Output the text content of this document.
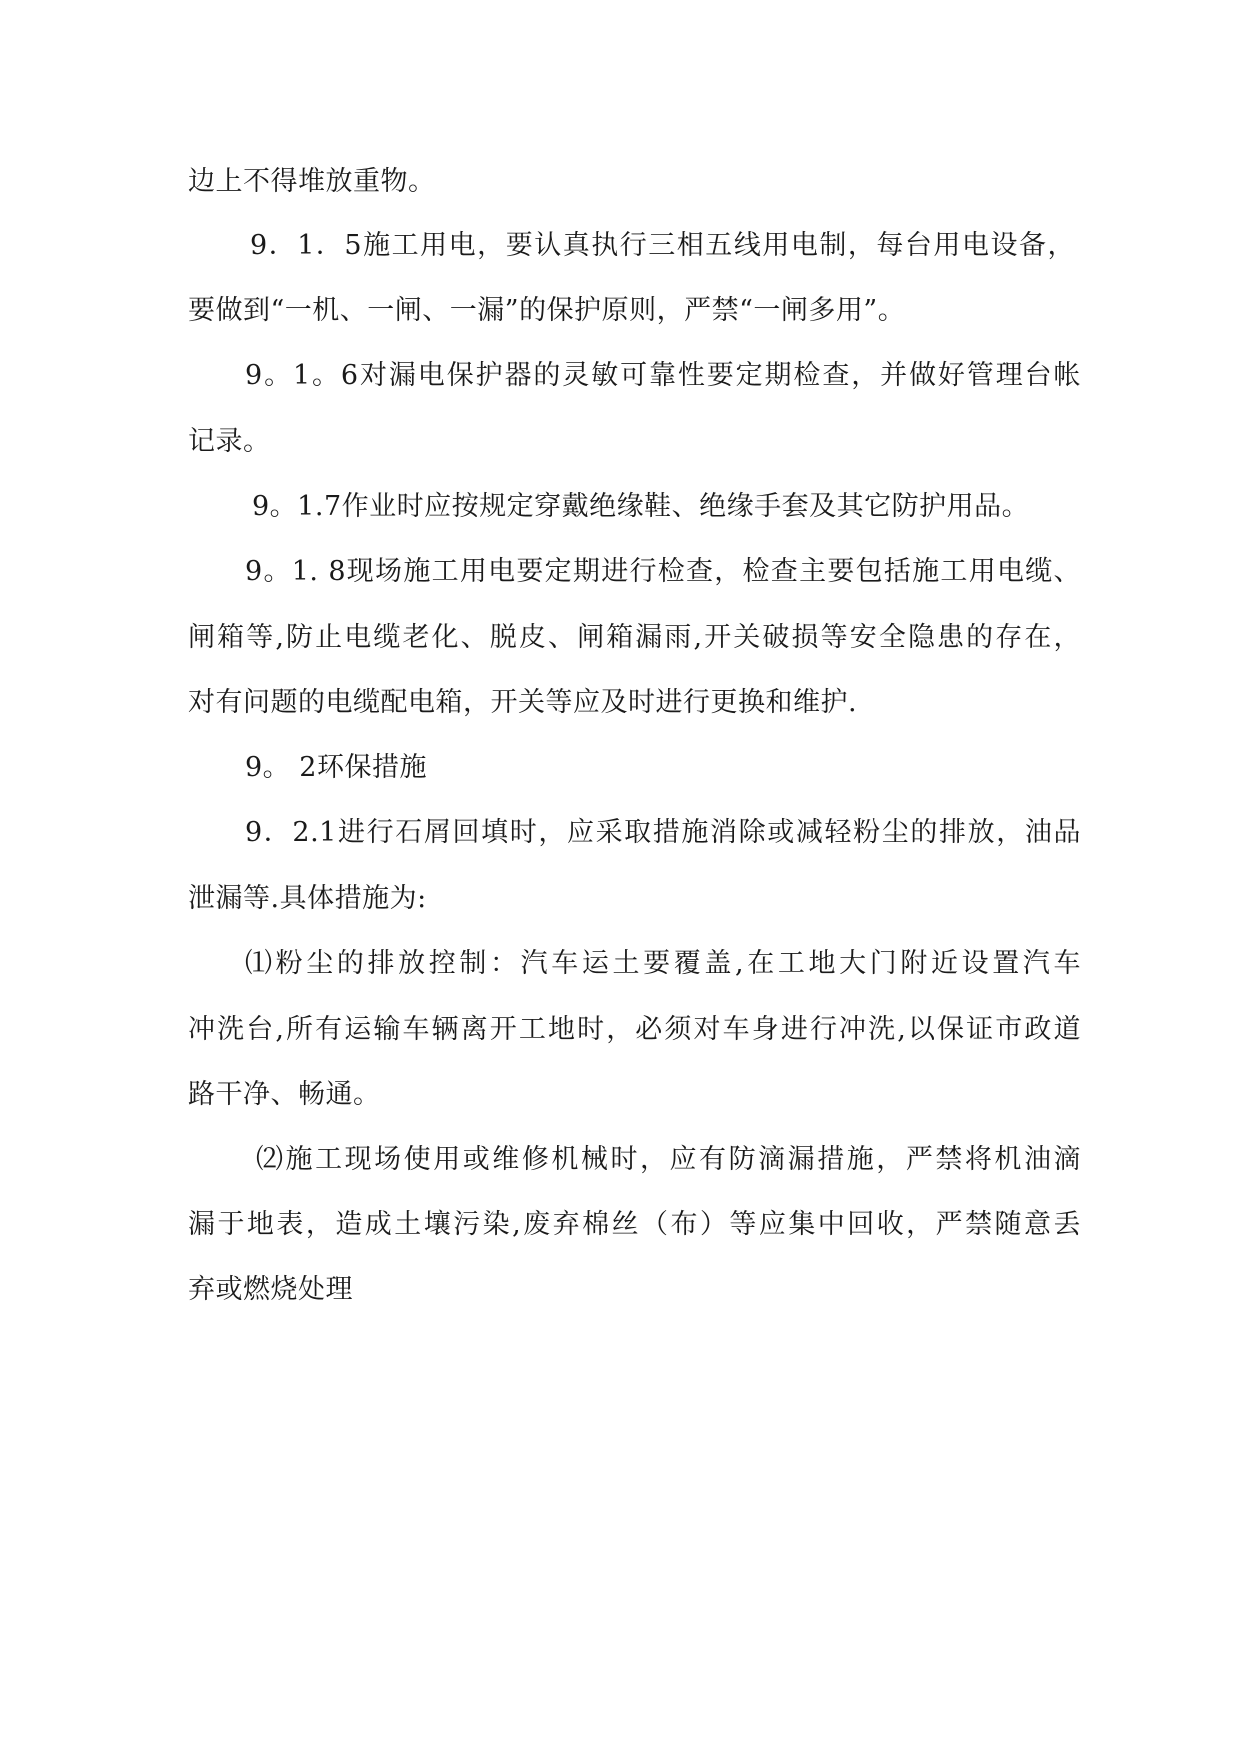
边上不得堆放重物。

9．1．5施工用电，要认真执行三相五线用电制，每台用电设备，

要做到“一机、一闸、一漏”的保护原则，严禁“一闸多用”。

9。1。6对漏电保护器的灵敏可靠性要定期检查，并做好管理台帐

记录。

9。1.7作业时应按规定穿戴绝缘鞋、绝缘手套及其它防护用品。

9。1. 8现场施工用电要定期进行检查，检查主要包括施工用电缆、

闸箱等,防止电缆老化、脱皮、闸箱漏雨,开关破损等安全隐患的存在，

对有问题的电缆配电箱，开关等应及时进行更换和维护.

9。 2环保措施

9．2.1进行石屑回填时，应采取措施消除或减轻粉尘的排放，油品

泄漏等.具体措施为:

⑴粉尘的排放控制：汽车运土要覆盖,在工地大门附近设置汽车

冲洗台,所有运输车辆离开工地时，必须对车身进行冲洗,以保证市政道

路干净、畅通。

⑵施工现场使用或维修机械时，应有防滴漏措施，严禁将机油滴

漏于地表，造成土壤污染,废弃棉丝（布）等应集中回收，严禁随意丢

弃或燃烧处理
